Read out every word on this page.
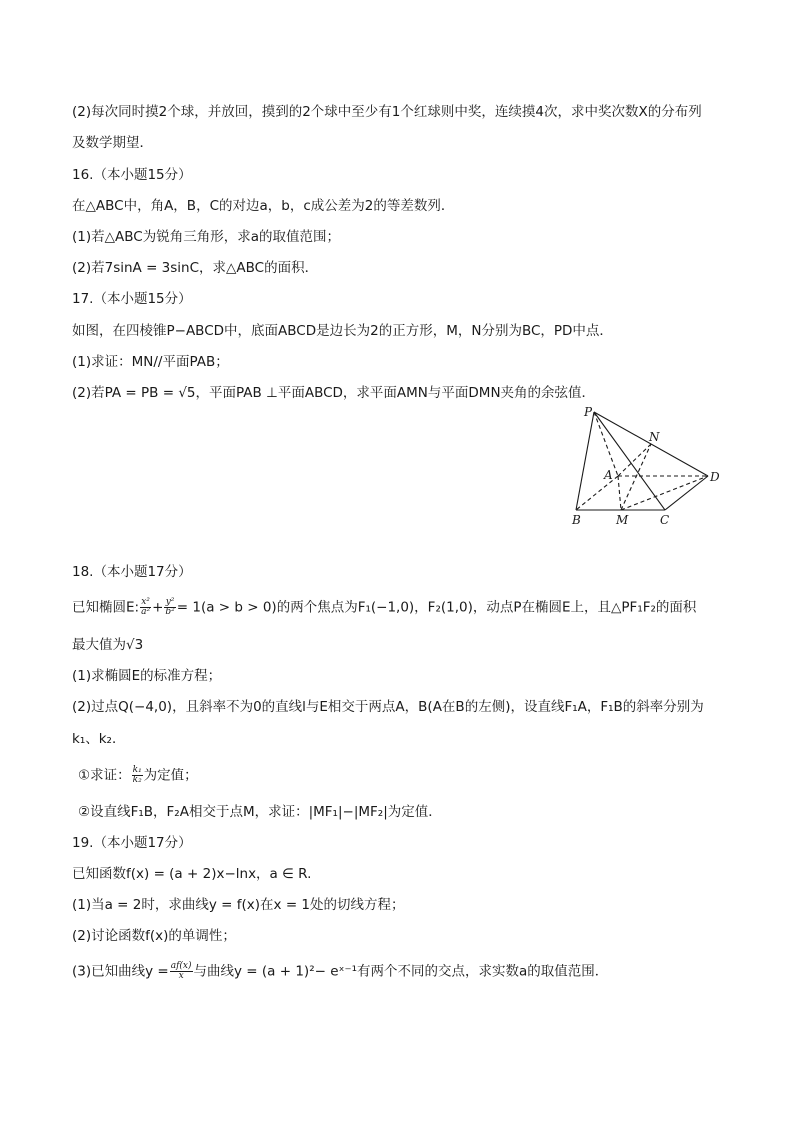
(2)每次同时摸2个球，并放回，摸到的2个球中至少有1个红球则中奖，连续摸4次，求中奖次数X的分布列
及数学期望．
16.（本小题15分）
在△ABC中，角A，B，C的对边a，b，c成公差为2的等差数列．
(1)若△ABC为锐角三角形，求a的取值范围；
(2)若7sinA = 3sinC，求△ABC的面积．
17.（本小题15分）
如图，在四棱锥P−ABCD中，底面ABCD是边长为2的正方形，M，N分别为BC，PD中点．
(1)求证：MN//平面PAB；
(2)若PA = PB = √5，平面PAB ⊥平面ABCD，求平面AMN与平面DMN夹角的余弦值．
P
N
A	D
B	M	C
18.（本小题17分）
已知椭圆E: $\frac{\text{x²}}{\text{a²}} + \frac{\text{y²}}{\text{b²}} = 1(a > b > 0)$的两个焦点为F₁(−1,0)，F₂(1,0)，动点P在椭圆E上，且△PF₁F₂的面积
最大值为√3
(1)求椭圆E的标准方程；
(2)过点Q(−4,0)，且斜率不为0的直线l与E相交于两点A，B(A在B的左侧)，设直线F₁A，F₁B的斜率分别为
k₁、k₂．
①求证： $\frac{\text{k₁}}{\text{k₂}}$ 为定值；
②设直线F₁B，F₂A相交于点M，求证：|MF₁|−|MF₂|为定值．
19.（本小题17分）
已知函数f(x) = (a + 2)x−lnx，a ∈ R.
(1)当a = 2时，求曲线y = f(x)在x = 1处的切线方程；
(2)讨论函数f(x)的单调性；
(3)已知曲线$y = \frac{af(x)}{x}$ 与曲线y = (a + 1)²− eˣ⁻¹有两个不同的交点，求实数a的取值范围．
